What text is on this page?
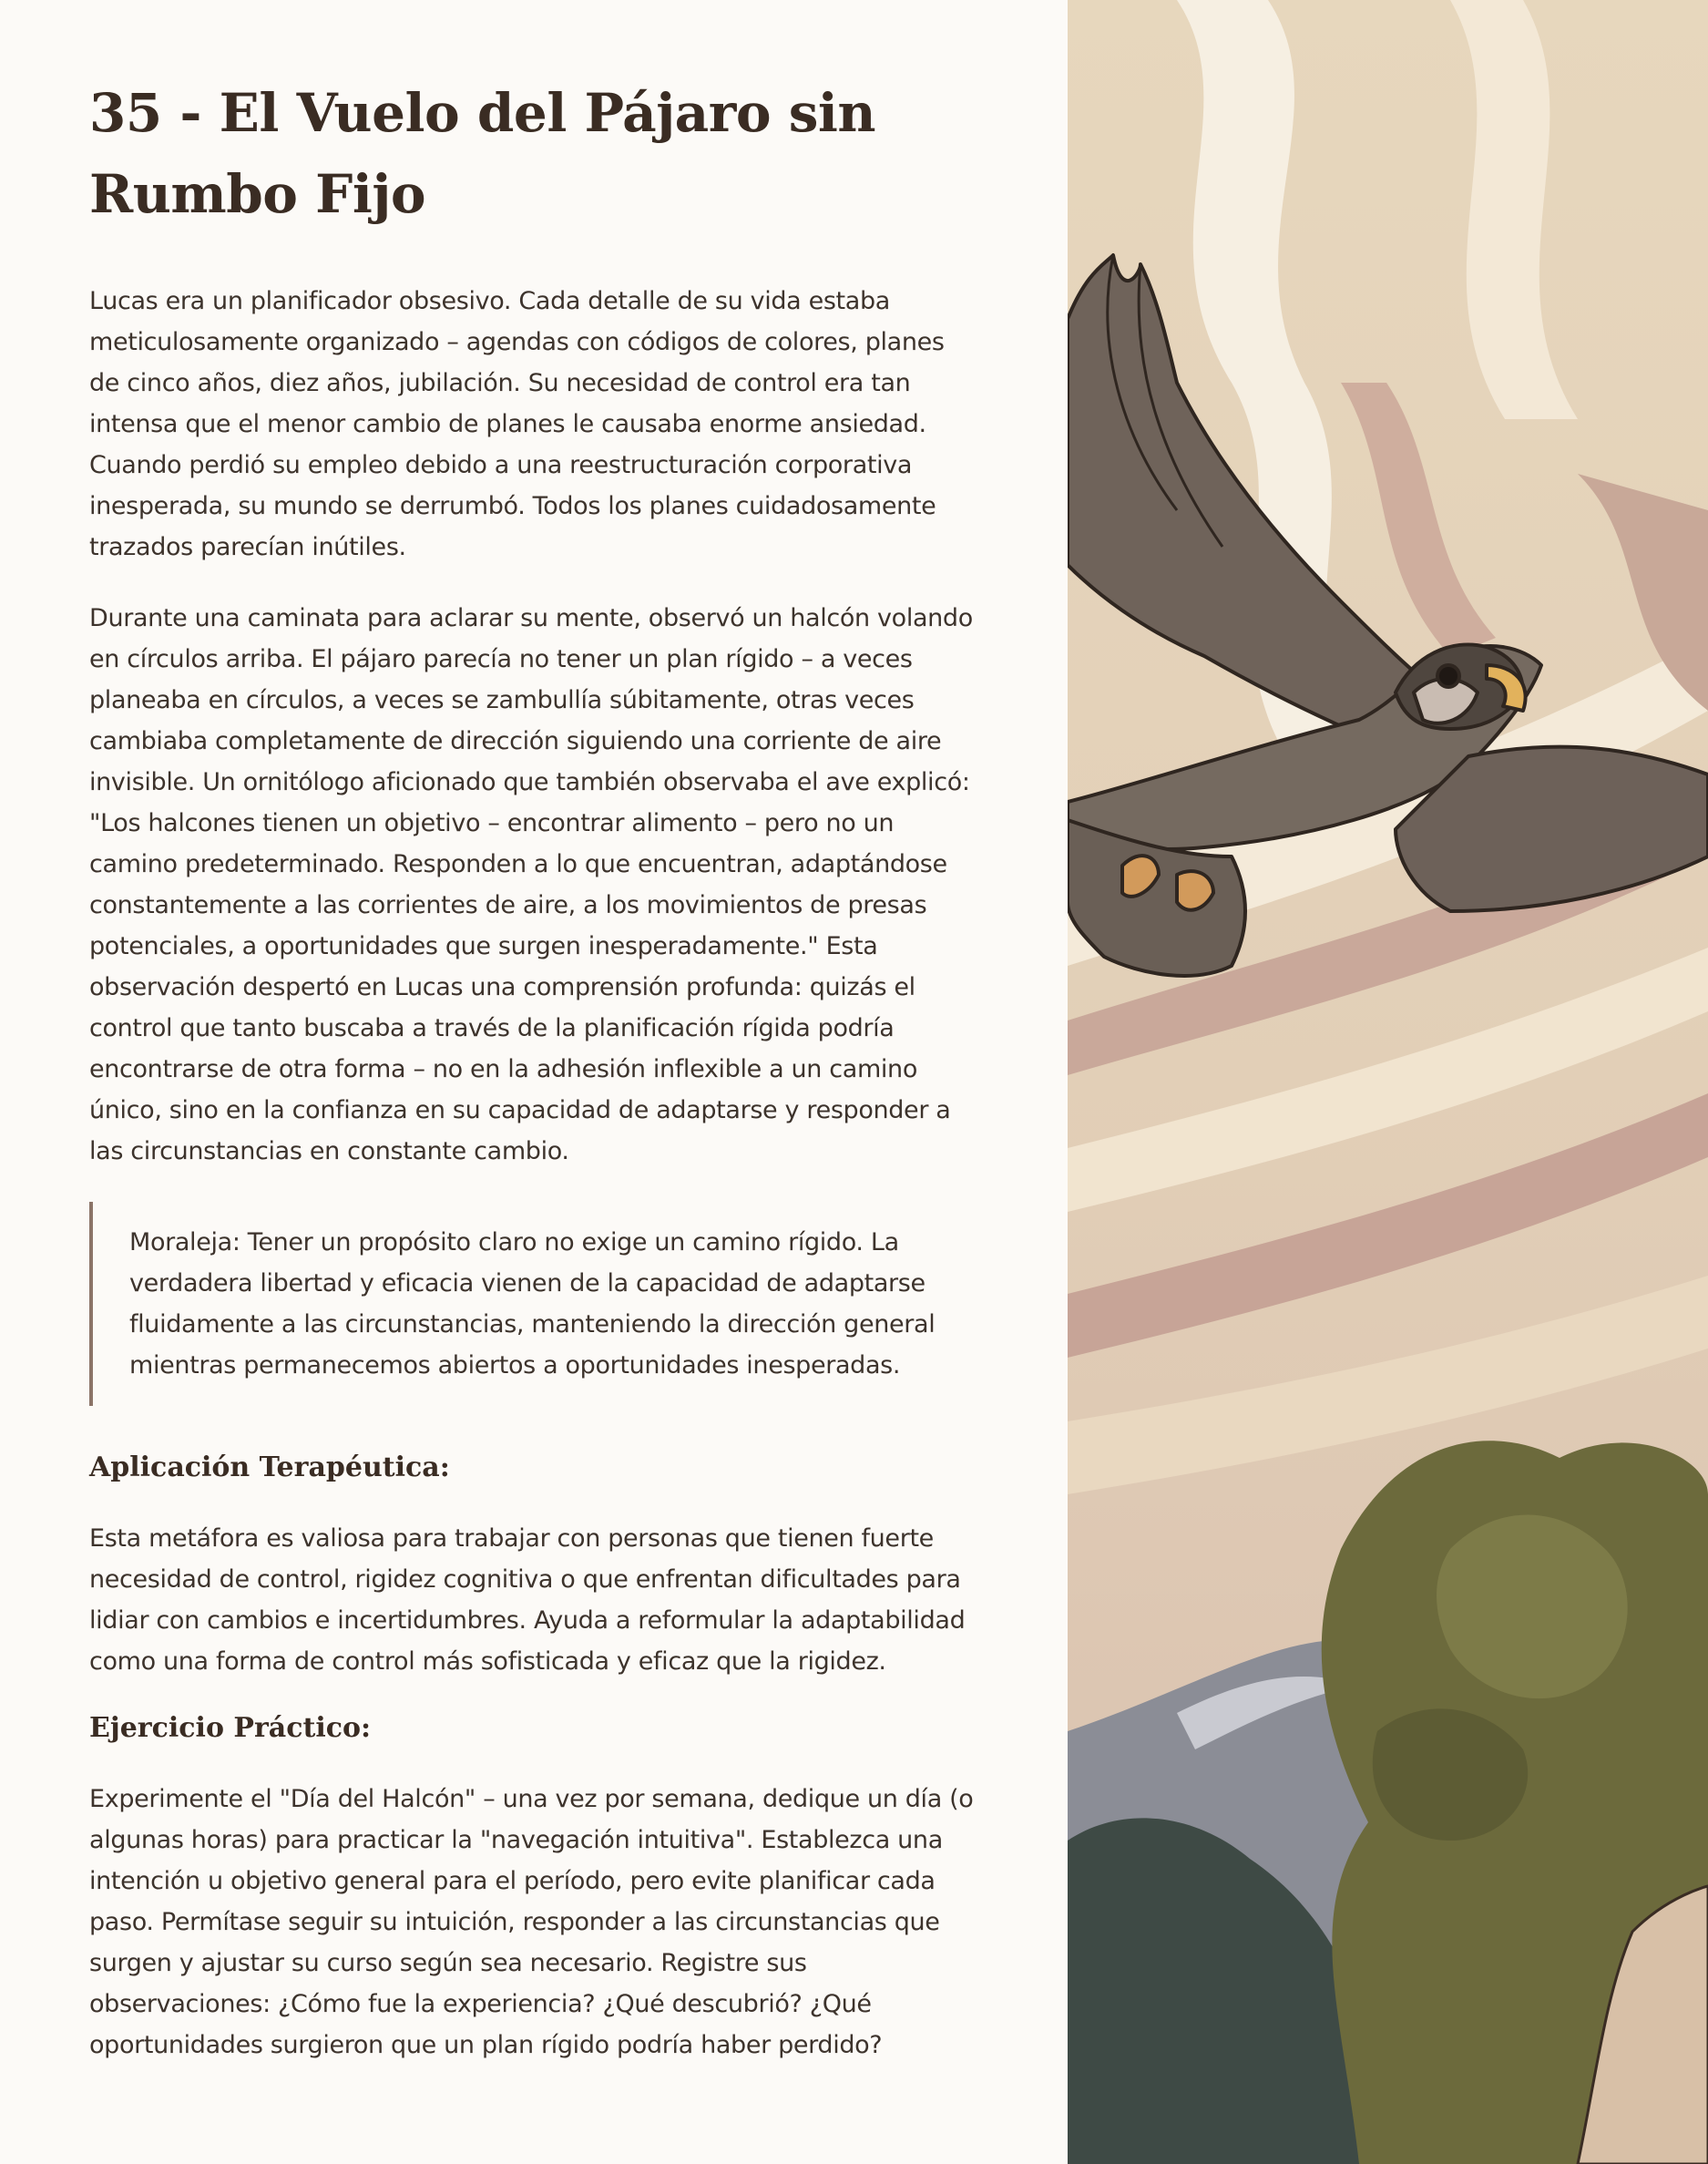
35 - El Vuelo del Pájaro sin Rumbo Fijo

Lucas era un planificador obsesivo. Cada detalle de su vida estaba meticulosamente organizado – agendas con códigos de colores, planes de cinco años, diez años, jubilación. Su necesidad de control era tan intensa que el menor cambio de planes le causaba enorme ansiedad. Cuando perdió su empleo debido a una reestructuración corporativa inesperada, su mundo se derrumbó. Todos los planes cuidadosamente trazados parecían inútiles.

Durante una caminata para aclarar su mente, observó un halcón volando en círculos arriba. El pájaro parecía no tener un plan rígido – a veces planeaba en círculos, a veces se zambullía súbitamente, otras veces cambiaba completamente de dirección siguiendo una corriente de aire invisible. Un ornitólogo aficionado que también observaba el ave explicó: "Los halcones tienen un objetivo – encontrar alimento – pero no un camino predeterminado. Responden a lo que encuentran, adaptándose constantemente a las corrientes de aire, a los movimientos de presas potenciales, a oportunidades que surgen inesperadamente." Esta observación despertó en Lucas una comprensión profunda: quizás el control que tanto buscaba a través de la planificación rígida podría encontrarse de otra forma – no en la adhesión inflexible a un camino único, sino en la confianza en su capacidad de adaptarse y responder a las circunstancias en constante cambio.

Moraleja: Tener un propósito claro no exige un camino rígido. La verdadera libertad y eficacia vienen de la capacidad de adaptarse fluidamente a las circunstancias, manteniendo la dirección general mientras permanecemos abiertos a oportunidades inesperadas.

Aplicación Terapéutica:

Esta metáfora es valiosa para trabajar con personas que tienen fuerte necesidad de control, rigidez cognitiva o que enfrentan dificultades para lidiar con cambios e incertidumbres. Ayuda a reformular la adaptabilidad como una forma de control más sofisticada y eficaz que la rigidez.

Ejercicio Práctico:

Experimente el "Día del Halcón" – una vez por semana, dedique un día (o algunas horas) para practicar la "navegación intuitiva". Establezca una intención u objetivo general para el período, pero evite planificar cada paso. Permítase seguir su intuición, responder a las circunstancias que surgen y ajustar su curso según sea necesario. Registre sus observaciones: ¿Cómo fue la experiencia? ¿Qué descubrió? ¿Qué oportunidades surgieron que un plan rígido podría haber perdido?
